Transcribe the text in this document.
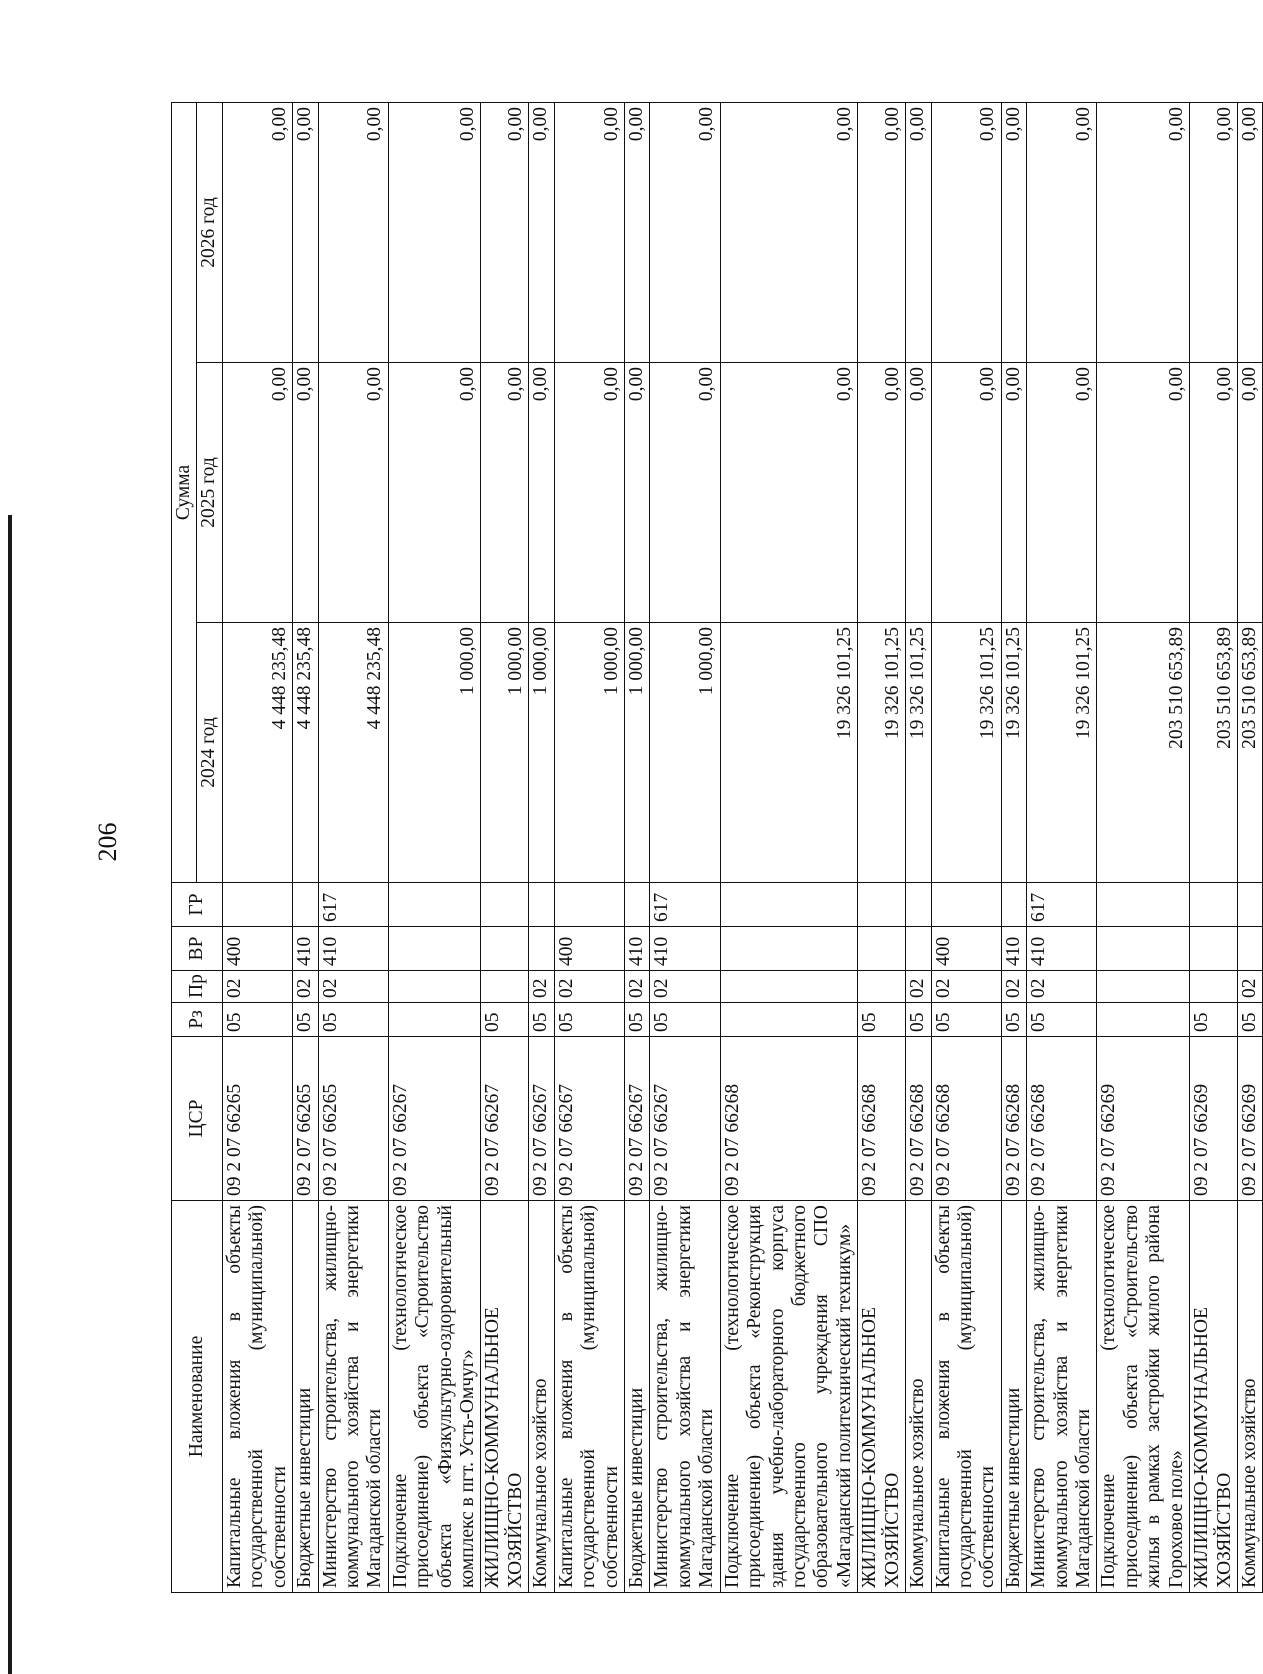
206
Наименование	ЦСР	Рз	Пр	ВР	ГР	Сумма		
						2024 год	2025 год	2026 год
Капитальные вложения в объекты государственной (муниципальной) собственности	09 2 07 66265	05	02	400		4 448 235,48	0,00	0,00
Бюджетные инвестиции	09 2 07 66265	05	02	410		4 448 235,48	0,00	0,00
Министерство строительства, жилищно-коммунального хозяйства и энергетики Магаданской области	09 2 07 66265	05	02	410	617	4 448 235,48	0,00	0,00
Подключение (технологическое присоединение) объекта «Строительство объекта «Физкультурно-оздоровительный комплекс в пгт. Усть-Омчуг»	09 2 07 66267					1 000,00	0,00	0,00
ЖИЛИЩНО-КОММУНАЛЬНОЕ ХОЗЯЙСТВО	09 2 07 66267	05				1 000,00	0,00	0,00
Коммунальное хозяйство	09 2 07 66267	05	02			1 000,00	0,00	0,00
Капитальные вложения в объекты государственной (муниципальной) собственности	09 2 07 66267	05	02	400		1 000,00	0,00	0,00
Бюджетные инвестиции	09 2 07 66267	05	02	410		1 000,00	0,00	0,00
Министерство строительства, жилищно-коммунального хозяйства и энергетики Магаданской области	09 2 07 66267	05	02	410	617	1 000,00	0,00	0,00
Подключение (технологическое присоединение) объекта «Реконструкция здания учебно-лабораторного корпуса государственного бюджетного образовательного учреждения СПО «Магаданский политехнический техникум»	09 2 07 66268					19 326 101,25	0,00	0,00
ЖИЛИЩНО-КОММУНАЛЬНОЕ ХОЗЯЙСТВО	09 2 07 66268	05				19 326 101,25	0,00	0,00
Коммунальное хозяйство	09 2 07 66268	05	02			19 326 101,25	0,00	0,00
Капитальные вложения в объекты государственной (муниципальной) собственности	09 2 07 66268	05	02	400		19 326 101,25	0,00	0,00
Бюджетные инвестиции	09 2 07 66268	05	02	410		19 326 101,25	0,00	0,00
Министерство строительства, жилищно-коммунального хозяйства и энергетики Магаданской области	09 2 07 66268	05	02	410	617	19 326 101,25	0,00	0,00
Подключение (технологическое присоединение) объекта «Строительство жилья в рамках застройки жилого района Гороховое поле»	09 2 07 66269					203 510 653,89	0,00	0,00
ЖИЛИЩНО-КОММУНАЛЬНОЕ ХОЗЯЙСТВО	09 2 07 66269	05				203 510 653,89	0,00	0,00
Коммунальное хозяйство	09 2 07 66269	05	02			203 510 653,89	0,00	0,00
